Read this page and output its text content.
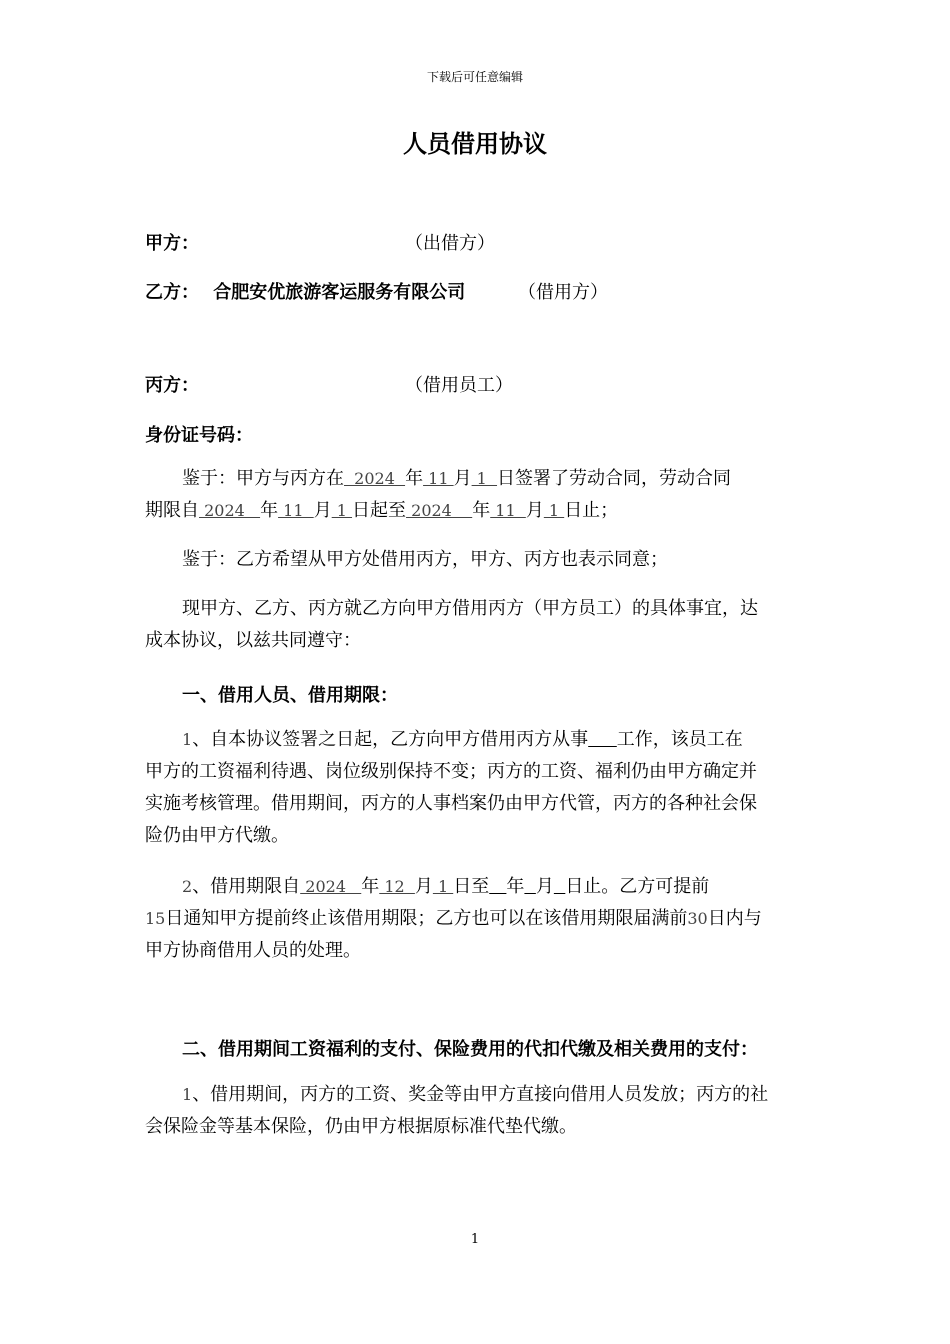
下载后可任意编辑
人员借用协议
甲方：	（出借方）
乙方： 合肥安优旅游客运服务有限公司	（借用方）
丙方：	（借用员工）
身份证号码：
鉴于：甲方与丙方在  2024  年 11 月 1  日签署了劳动合同，劳动合同
期限自 2024   年 11  月 1 日起至 2024    年 11  月 1 日止；
鉴于：乙方希望从甲方处借用丙方，甲方、丙方也表示同意；
现甲方、乙方、丙方就乙方向甲方借用丙方（甲方员工）的具体事宜，达
成本协议，以兹共同遵守：
一、借用人员、借用期限：
1、自本协议签署之日起，乙方向甲方借用丙方从事 工作，该员工在
甲方的工资福利待遇、岗位级别保持不变；丙方的工资、福利仍由甲方确定并
实施考核管理。借用期间，丙方的人事档案仍由甲方代管，丙方的各种社会保
险仍由甲方代缴。
2、借用期限自 2024   年 12  月 1 日至 年 月 日止。乙方可提前
15日通知甲方提前终止该借用期限；乙方也可以在该借用期限届满前30日内与
甲方协商借用人员的处理。
二、借用期间工资福利的支付、保险费用的代扣代缴及相关费用的支付：
1、借用期间，丙方的工资、奖金等由甲方直接向借用人员发放；丙方的社
会保险金等基本保险，仍由甲方根据原标准代垫代缴。
1
